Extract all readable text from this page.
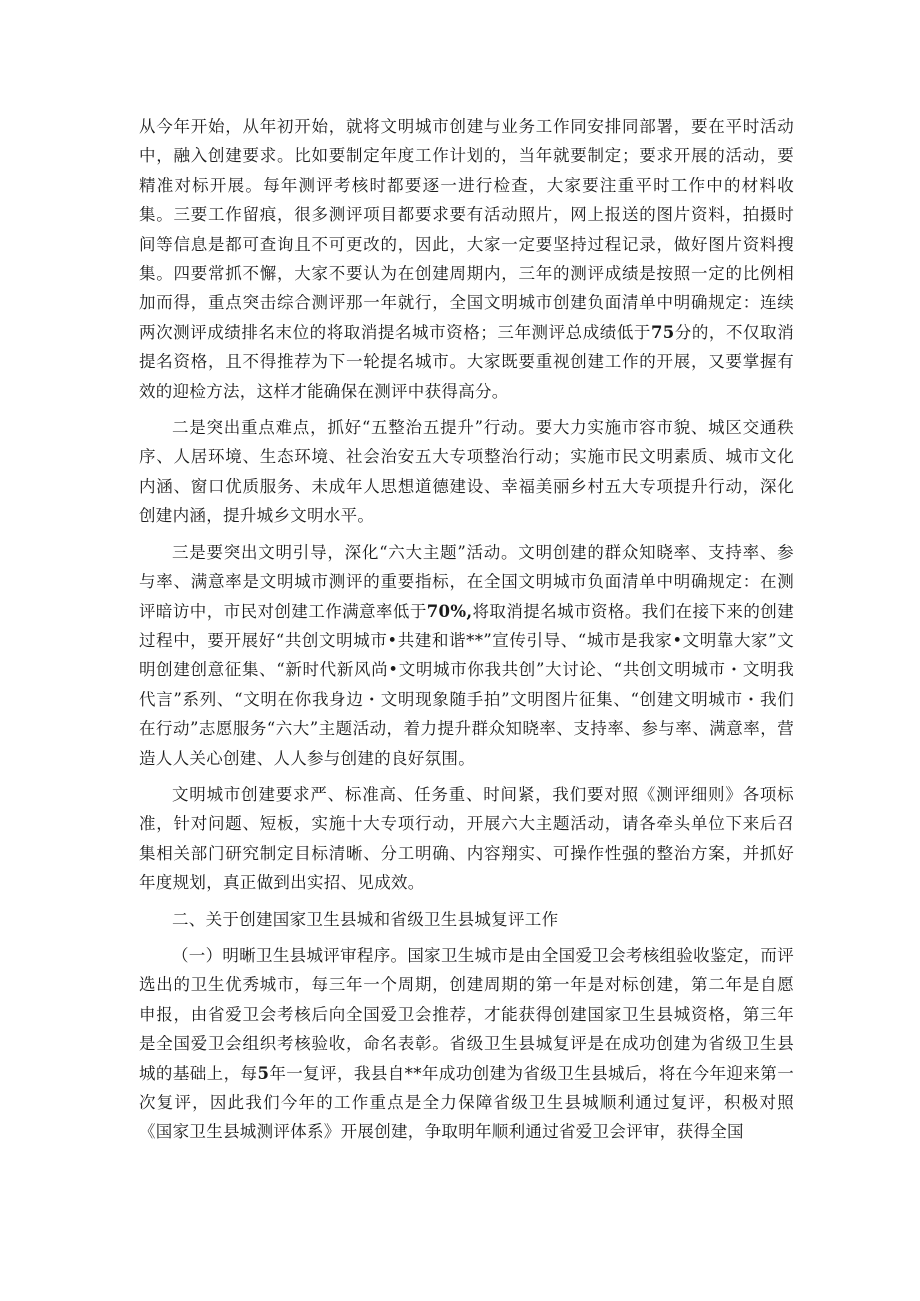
从今年开始，从年初开始，就将文明城市创建与业务工作同安排同部署，要在平时活动中，融入创建要求。比如要制定年度工作计划的，当年就要制定；要求开展的活动，要精准对标开展。每年测评考核时都要逐一进行检查，大家要注重平时工作中的材料收集。三要工作留痕，很多测评项目都要求要有活动照片，网上报送的图片资料，拍摄时间等信息是都可查询且不可更改的，因此，大家一定要坚持过程记录，做好图片资料搜集。四要常抓不懈，大家不要认为在创建周期内，三年的测评成绩是按照一定的比例相加而得，重点突击综合测评那一年就行，全国文明城市创建负面清单中明确规定：连续两次测评成绩排名末位的将取消提名城市资格；三年测评总成绩低于75分的，不仅取消提名资格，且不得推荐为下一轮提名城市。大家既要重视创建工作的开展，又要掌握有效的迎检方法，这样才能确保在测评中获得高分。

二是突出重点难点，抓好“五整治五提升”行动。要大力实施市容市貌、城区交通秩序、人居环境、生态环境、社会治安五大专项整治行动；实施市民文明素质、城市文化内涵、窗口优质服务、未成年人思想道德建设、幸福美丽乡村五大专项提升行动，深化创建内涵，提升城乡文明水平。

三是要突出文明引导，深化“六大主题”活动。文明创建的群众知晓率、支持率、参与率、满意率是文明城市测评的重要指标，在全国文明城市负面清单中明确规定：在测评暗访中，市民对创建工作满意率低于70%,将取消提名城市资格。我们在接下来的创建过程中，要开展好“共创文明城市•共建和谐**”宣传引导、“城市是我家•文明靠大家”文明创建创意征集、“新时代新风尚•文明城市你我共创”大讨论、“共创文明城市・文明我代言”系列、“文明在你我身边・文明现象随手拍”文明图片征集、“创建文明城市・我们在行动”志愿服务“六大”主题活动，着力提升群众知晓率、支持率、参与率、满意率，营造人人关心创建、人人参与创建的良好氛围。

文明城市创建要求严、标准高、任务重、时间紧，我们要对照《测评细则》各项标准，针对问题、短板，实施十大专项行动，开展六大主题活动，请各牵头单位下来后召集相关部门研究制定目标清晰、分工明确、内容翔实、可操作性强的整治方案，并抓好年度规划，真正做到出实招、见成效。

二、关于创建国家卫生县城和省级卫生县城复评工作

（一）明晰卫生县城评审程序。国家卫生城市是由全国爱卫会考核组验收鉴定，而评选出的卫生优秀城市，每三年一个周期，创建周期的第一年是对标创建，第二年是自愿申报，由省爱卫会考核后向全国爱卫会推荐，才能获得创建国家卫生县城资格，第三年是全国爱卫会组织考核验收，命名表彰。省级卫生县城复评是在成功创建为省级卫生县城的基础上，每5年一复评，我县自**年成功创建为省级卫生县城后，将在今年迎来第一次复评，因此我们今年的工作重点是全力保障省级卫生县城顺利通过复评，积极对照《国家卫生县城测评体系》开展创建，争取明年顺利通过省爱卫会评审，获得全国
